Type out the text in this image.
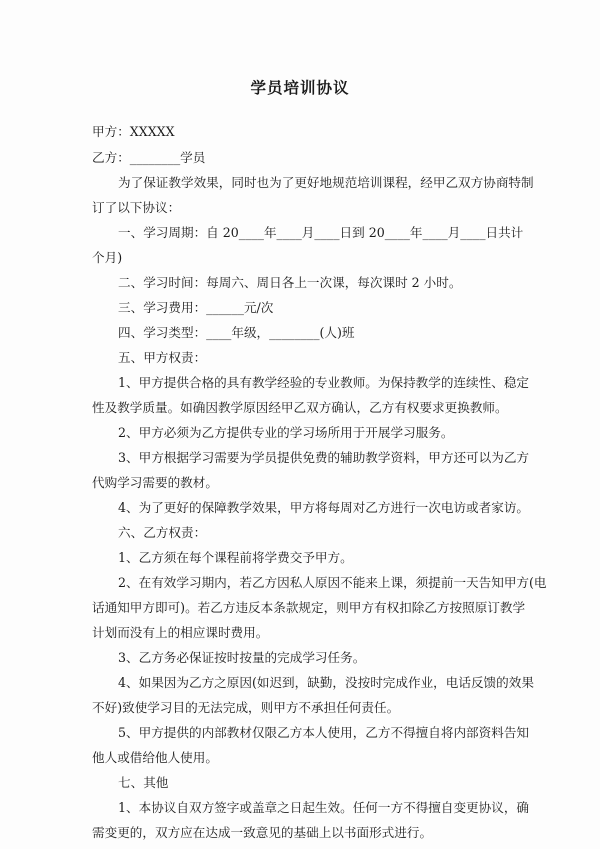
学员培训协议
甲方：XXXXX
乙方：________学员
为了保证教学效果，同时也为了更好地规范培训课程，经甲乙双方协商特制
订了以下协议：
一、学习周期：自 20____年____月____日到 20____年____月____日共计
个月)
二、学习时间：每周六、周日各上一次课，每次课时 2 小时。
三、学习费用：______元/次
四、学习类型：____年级，________(人)班
五、甲方权责：
1、甲方提供合格的具有教学经验的专业教师。为保持教学的连续性、稳定
性及教学质量。如确因教学原因经甲乙双方确认，乙方有权要求更换教师。
2、甲方必须为乙方提供专业的学习场所用于开展学习服务。
3、甲方根据学习需要为学员提供免费的辅助教学资料，甲方还可以为乙方
代购学习需要的教材。
4、为了更好的保障教学效果，甲方将每周对乙方进行一次电访或者家访。
六、乙方权责：
1、乙方须在每个课程前将学费交予甲方。
2、在有效学习期内，若乙方因私人原因不能来上课，须提前一天告知甲方(电
话通知甲方即可)。若乙方违反本条款规定，则甲方有权扣除乙方按照原订教学
计划而没有上的相应课时费用。
3、乙方务必保证按时按量的完成学习任务。
4、如果因为乙方之原因(如迟到，缺勤，没按时完成作业，电话反馈的效果
不好)致使学习目的无法完成，则甲方不承担任何责任。
5、甲方提供的内部教材仅限乙方本人使用，乙方不得擅自将内部资料告知
他人或借给他人使用。
七、其他
1、本协议自双方签字或盖章之日起生效。任何一方不得擅自变更协议，确
需变更的，双方应在达成一致意见的基础上以书面形式进行。
